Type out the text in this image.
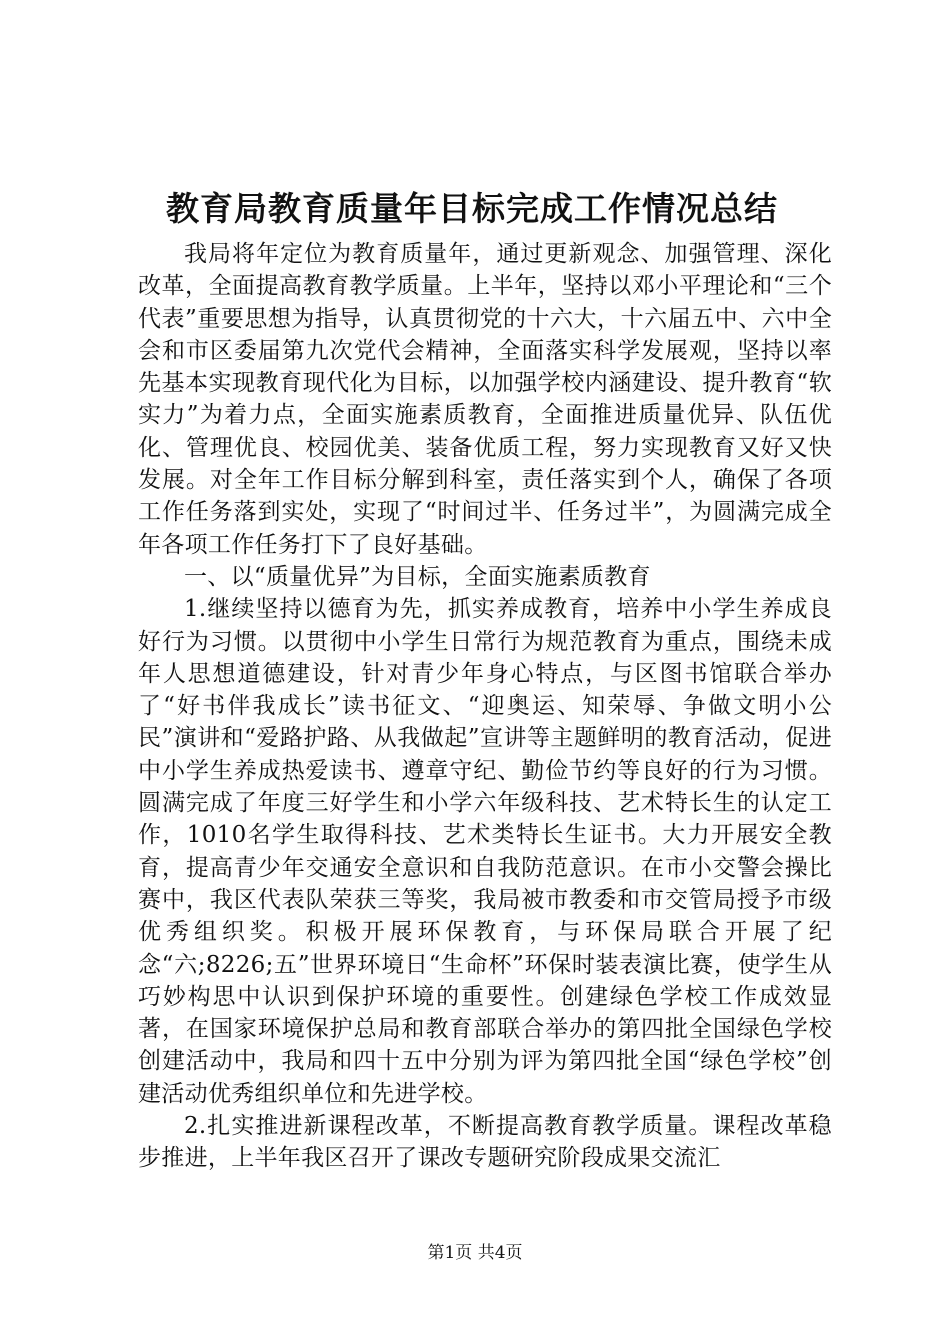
教育局教育质量年目标完成工作情况总结

我局将年定位为教育质量年，通过更新观念、加强管理、深化改革，全面提高教育教学质量。上半年，坚持以邓小平理论和“三个代表”重要思想为指导，认真贯彻党的十六大，十六届五中、六中全会和市区委届第九次党代会精神，全面落实科学发展观，坚持以率先基本实现教育现代化为目标，以加强学校内涵建设、提升教育“软实力”为着力点，全面实施素质教育，全面推进质量优异、队伍优化、管理优良、校园优美、装备优质工程，努力实现教育又好又快发展。对全年工作目标分解到科室，责任落实到个人，确保了各项工作任务落到实处，实现了“时间过半、任务过半”，为圆满完成全年各项工作任务打下了良好基础。

一、以“质量优异”为目标，全面实施素质教育

1.继续坚持以德育为先，抓实养成教育，培养中小学生养成良好行为习惯。以贯彻中小学生日常行为规范教育为重点，围绕未成年人思想道德建设，针对青少年身心特点，与区图书馆联合举办了“好书伴我成长”读书征文、“迎奥运、知荣辱、争做文明小公民”演讲和“爱路护路、从我做起”宣讲等主题鲜明的教育活动，促进中小学生养成热爱读书、遵章守纪、勤俭节约等良好的行为习惯。圆满完成了年度三好学生和小学六年级科技、艺术特长生的认定工作，1010名学生取得科技、艺术类特长生证书。大力开展安全教育，提高青少年交通安全意识和自我防范意识。在市小交警会操比赛中，我区代表队荣获三等奖，我局被市教委和市交管局授予市级优秀组织奖。积极开展环保教育，与环保局联合开展了纪念“六;8226;五”世界环境日“生命杯”环保时装表演比赛，使学生从巧妙构思中认识到保护环境的重要性。创建绿色学校工作成效显著，在国家环境保护总局和教育部联合举办的第四批全国绿色学校创建活动中，我局和四十五中分别为评为第四批全国“绿色学校”创建活动优秀组织单位和先进学校。

2.扎实推进新课程改革，不断提高教育教学质量。课程改革稳步推进，上半年我区召开了课改专题研究阶段成果交流汇

第1页 共4页
